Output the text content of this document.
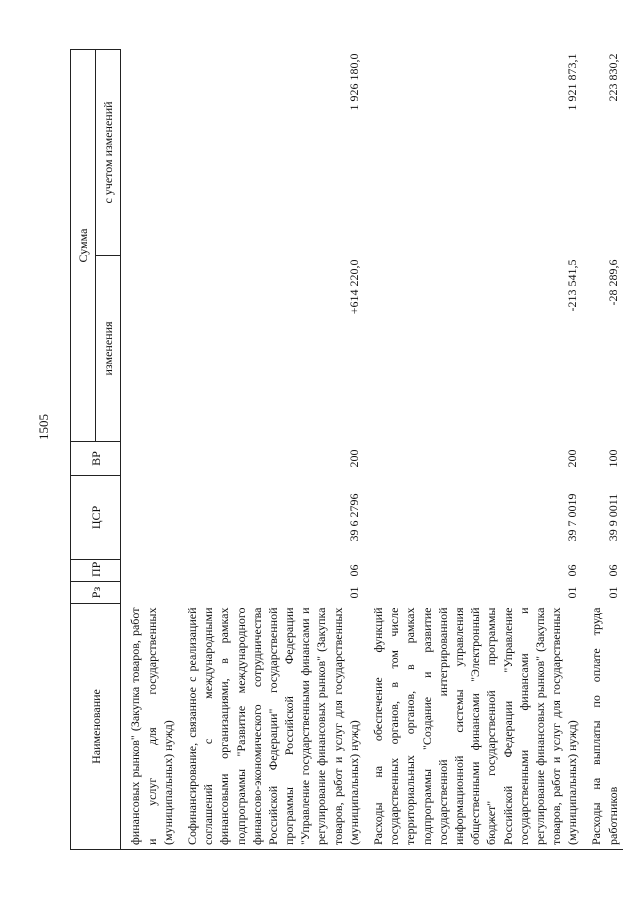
1505
Наименование	Рз	ПР	ЦСР	ВР	Сумма	
					изменения	с учетом изменений
финансовых рынков" (Закупка товаров, работ и услуг для государственных (муниципальных) нужд)						
Софинансирование, связанное с реализацией соглашений с международными финансовыми организациями, в рамках подпрограммы "Развитие международного финансово-экономического сотрудничества Российской Федерации" государственной программы Российской Федерации "Управление государственными финансами и регулирование финансовых рынков" (Закупка товаров, работ и услуг для государственных (муниципальных) нужд)	01	06	39 6 2796	200	+614 220,0	1 926 180,0
Расходы на обеспечение функций государственных органов, в том числе территориальных органов, в рамках подпрограммы "Создание и развитие государственной интегрированной информационной системы управления общественными финансами "Электронный бюджет" государственной программы Российской Федерации "Управление государственными финансами и регулирование финансовых рынков" (Закупка товаров, работ и услуг для государственных (муниципальных) нужд)	01	06	39 7 0019	200	-213 541,5	1 921 873,1
Расходы на выплаты по оплате труда работников	01	06	39 9 0011	100	-28 289,6	223 830,2
